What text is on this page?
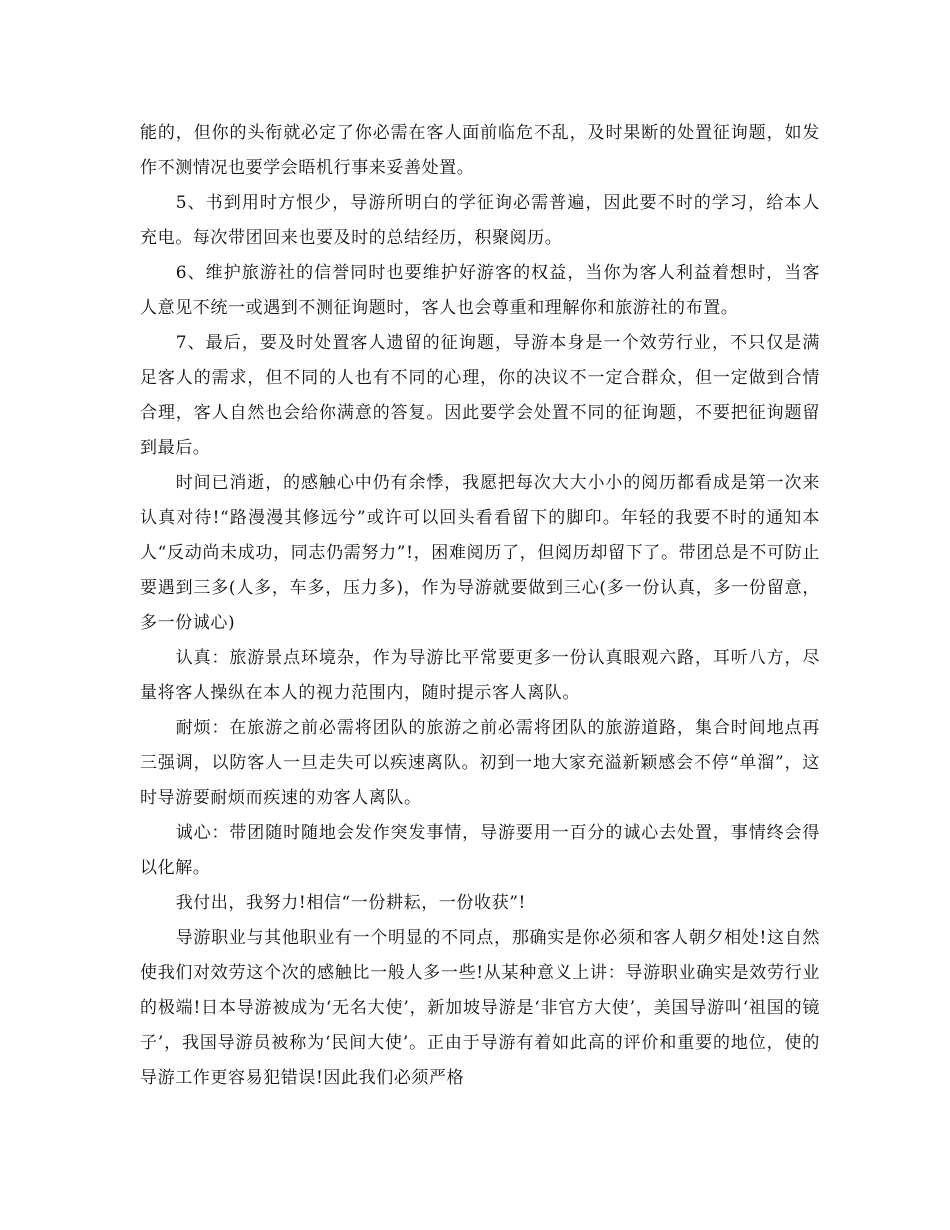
能的，但你的头衔就必定了你必需在客人面前临危不乱，及时果断的处置征询题，如发作不测情况也要学会晤机行事来妥善处置。

5、书到用时方恨少，导游所明白的学征询必需普遍，因此要不时的学习，给本人充电。每次带团回来也要及时的总结经历，积聚阅历。

6、维护旅游社的信誉同时也要维护好游客的权益，当你为客人利益着想时，当客人意见不统一或遇到不测征询题时，客人也会尊重和理解你和旅游社的布置。

7、最后，要及时处置客人遗留的征询题，导游本身是一个效劳行业，不只仅是满足客人的需求，但不同的人也有不同的心理，你的决议不一定合群众，但一定做到合情合理，客人自然也会给你满意的答复。因此要学会处置不同的征询题，不要把征询题留到最后。

时间已消逝，的感触心中仍有余悸，我愿把每次大大小小的阅历都看成是第一次来认真对待!“路漫漫其修远兮”或许可以回头看看留下的脚印。年轻的我要不时的通知本人“反动尚未成功，同志仍需努力”!，困难阅历了，但阅历却留下了。带团总是不可防止要遇到三多(人多，车多，压力多)，作为导游就要做到三心(多一份认真，多一份留意，多一份诚心)

认真：旅游景点环境杂，作为导游比平常要更多一份认真眼观六路，耳听八方，尽量将客人操纵在本人的视力范围内，随时提示客人离队。

耐烦：在旅游之前必需将团队的旅游之前必需将团队的旅游道路，集合时间地点再三强调，以防客人一旦走失可以疾速离队。初到一地大家充溢新颖感会不停“单溜”，这时导游要耐烦而疾速的劝客人离队。

诚心：带团随时随地会发作突发事情，导游要用一百分的诚心去处置，事情终会得以化解。

我付出，我努力!相信“一份耕耘，一份收获”!

导游职业与其他职业有一个明显的不同点，那确实是你必须和客人朝夕相处!这自然使我们对效劳这个次的感触比一般人多一些!从某种意义上讲：导游职业确实是效劳行业的极端!日本导游被成为‘无名大使’，新加坡导游是‘非官方大使’，美国导游叫‘祖国的镜子’，我国导游员被称为‘民间大使’。正由于导游有着如此高的评价和重要的地位，使的导游工作更容易犯错误!因此我们必须严格
